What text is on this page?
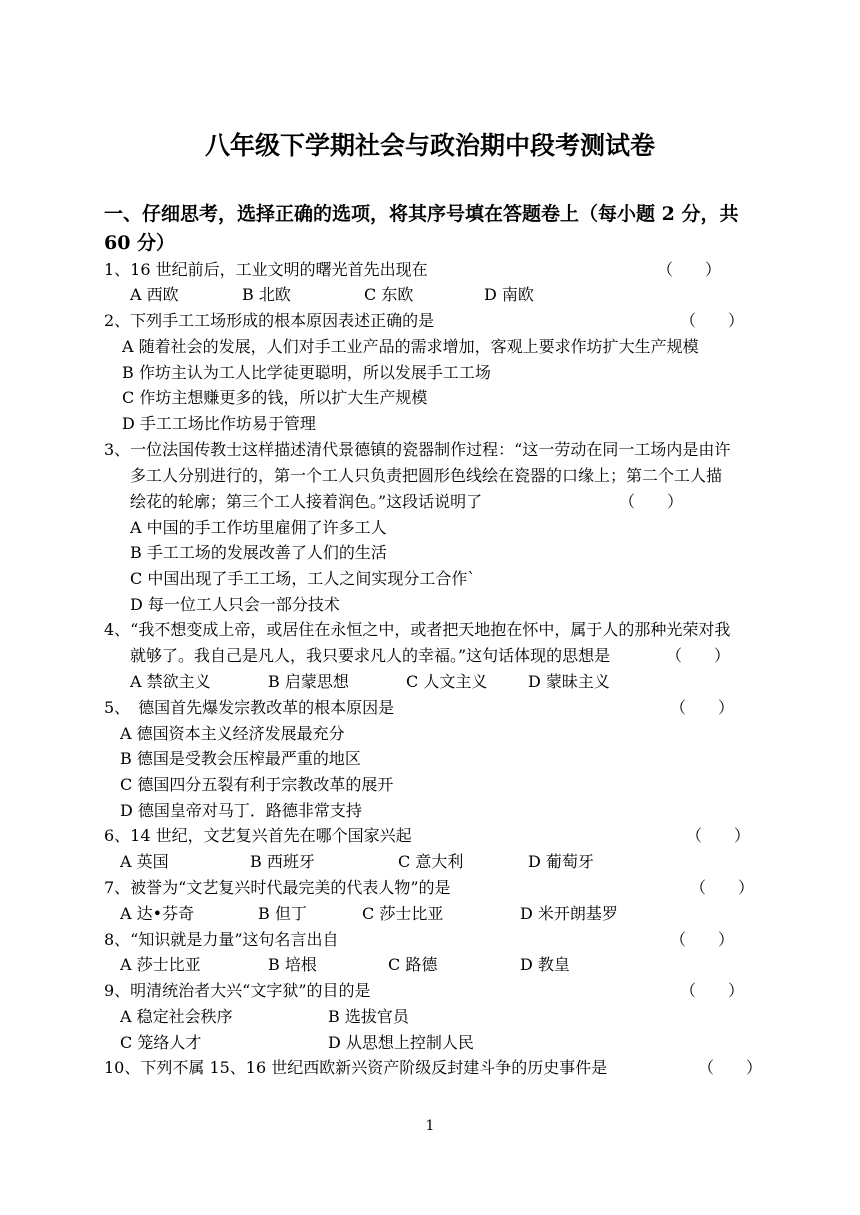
八年级下学期社会与政治期中段考测试卷
一、仔细思考，选择正确的选项，将其序号填在答题卷上（每小题 2 分，共
60 分）
1、16 世纪前后，工业文明的曙光首先出现在	（　　）
A 西欧	B 北欧	C 东欧	D 南欧
2、下列手工工场形成的根本原因表述正确的是	（　　）
A 随着社会的发展，人们对手工业产品的需求增加，客观上要求作坊扩大生产规模
B 作坊主认为工人比学徒更聪明，所以发展手工工场
C 作坊主想赚更多的钱，所以扩大生产规模
D 手工工场比作坊易于管理
3、一位法国传教士这样描述清代景德镇的瓷器制作过程：“这一劳动在同一工场内是由许
多工人分别进行的，第一个工人只负责把圆形色线绘在瓷器的口缘上；第二个工人描
绘花的轮廓；第三个工人接着润色。”这段话说明了	（　　）
A 中国的手工作坊里雇佣了许多工人
B 手工工场的发展改善了人们的生活
C 中国出现了手工工场，工人之间实现分工合作`
D 每一位工人只会一部分技术
4、“我不想变成上帝，或居住在永恒之中，或者把天地抱在怀中，属于人的那种光荣对我
就够了。我自己是凡人，我只要求凡人的幸福。”这句话体现的思想是	（　　）
A 禁欲主义	B 启蒙思想	C 人文主义	D 蒙昧主义
5、　德国首先爆发宗教改革的根本原因是	（　　）
A 德国资本主义经济发展最充分
B 德国是受教会压榨最严重的地区
C 德国四分五裂有利于宗教改革的展开
D 德国皇帝对马丁．路德非常支持
6、14 世纪，文艺复兴首先在哪个国家兴起	（　　）
A 英国	B 西班牙	C 意大利	D 葡萄牙
7、被誉为“文艺复兴时代最完美的代表人物”的是	（　　）
A 达•芬奇	B 但丁	C 莎士比亚	D 米开朗基罗
8、“知识就是力量”这句名言出自	（　　）
A 莎士比亚	B 培根	C 路德	D 教皇
9、明清统治者大兴“文字狱”的目的是	（　　）
A 稳定社会秩序	B 选拔官员
C 笼络人才	D 从思想上控制人民
10、下列不属 15、16 世纪西欧新兴资产阶级反封建斗争的历史事件是	（　　）
1
